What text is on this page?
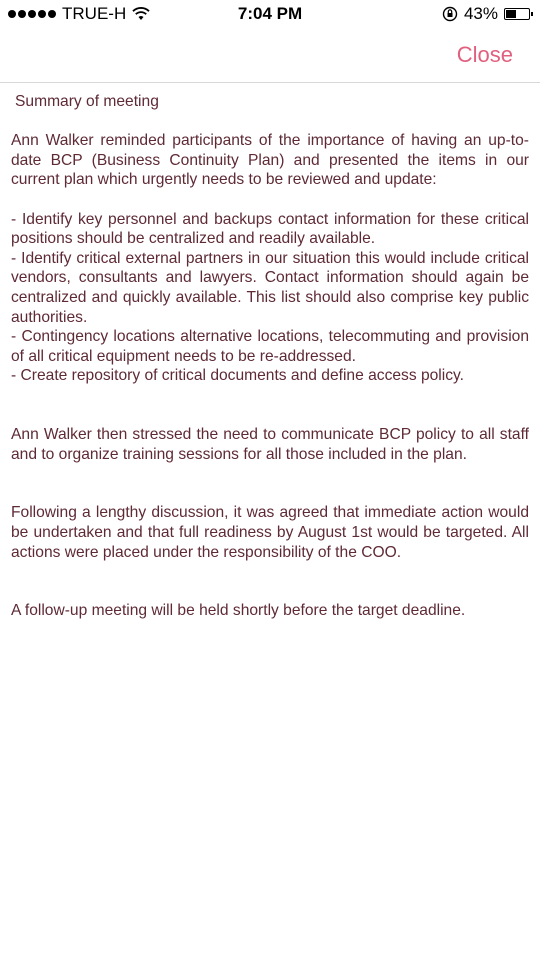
TRUE-H	7:04 PM	43%
Close

Summary of meeting

Ann Walker reminded participants of the importance of having an up-to-date BCP (Business Continuity Plan) and presented the items in our current plan which urgently needs to be reviewed and update:

- Identify key personnel and backups contact information for these critical positions should be centralized and readily available.

- Identify critical external partners in our situation this would include critical vendors, consultants and lawyers. Contact information should again be centralized and quickly available. This list should also comprise key public authorities.

- Contingency locations alternative locations, telecommuting and provision of all critical equipment needs to be re-addressed.

- Create repository of critical documents and define access policy.

Ann Walker then stressed the need to communicate BCP policy to all staff and to organize training sessions for all those included in the plan.

Following a lengthy discussion, it was agreed that immediate action would be undertaken and that full readiness by August 1st would be targeted. All actions were placed under the responsibility of the COO.

A follow-up meeting will be held shortly before the target deadline.
